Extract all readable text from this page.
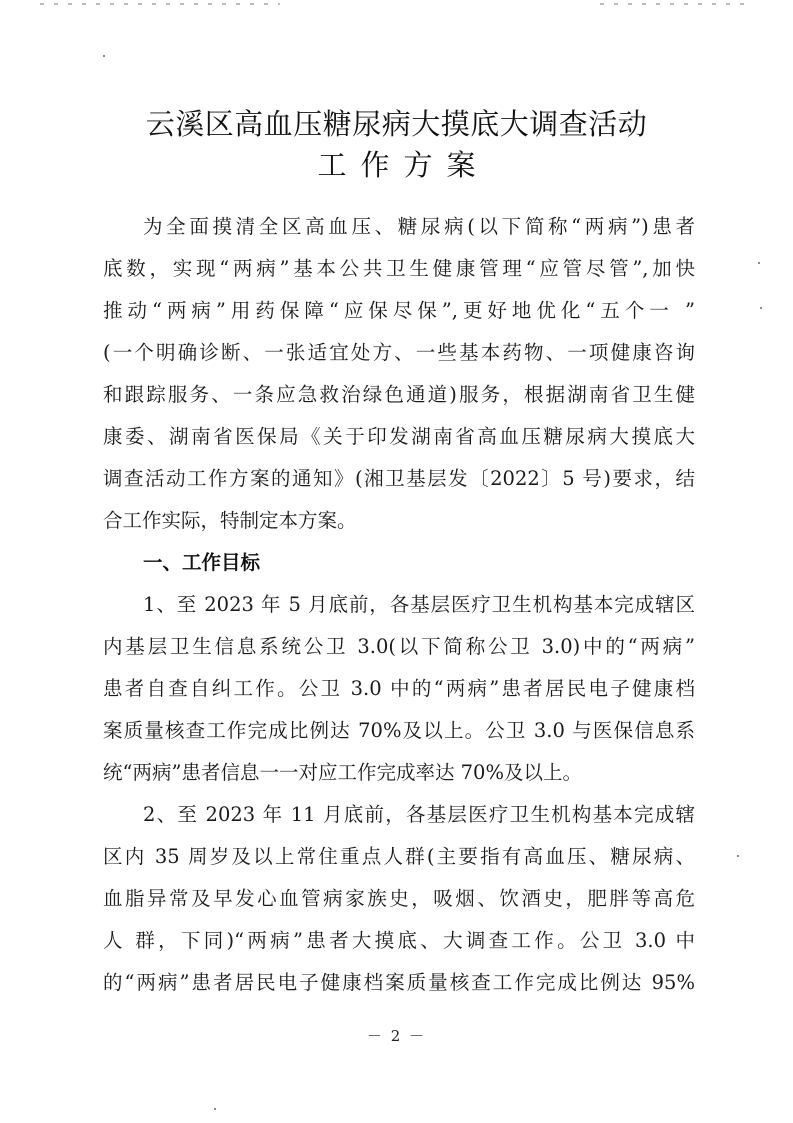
云溪区高血压糖尿病大摸底大调查活动
工作方案
为全面摸清全区高血压、糖尿病(以下简称“两病”)患者
底数，实现“两病”基本公共卫生健康管理“应管尽管”,加快
推动“两病”用药保障“应保尽保”,更好地优化“五个一 ”
(一个明确诊断、一张适宜处方、一些基本药物、一项健康咨询
和跟踪服务、一条应急救治绿色通道)服务，根据湖南省卫生健
康委、湖南省医保局《关于印发湖南省高血压糖尿病大摸底大
调查活动工作方案的通知》(湘卫基层发〔2022〕5 号)要求，结
合工作实际，特制定本方案。
一、工作目标
1、至 2023 年 5 月底前，各基层医疗卫生机构基本完成辖区
内基层卫生信息系统公卫 3.0(以下简称公卫 3.0)中的“两病”
患者自查自纠工作。公卫 3.0 中的“两病”患者居民电子健康档
案质量核查工作完成比例达 70%及以上。公卫 3.0 与医保信息系
统“两病”患者信息一一对应工作完成率达 70%及以上。
2、至 2023 年 11 月底前，各基层医疗卫生机构基本完成辖
区内 35 周岁及以上常住重点人群(主要指有高血压、糖尿病、
血脂异常及早发心血管病家族史，吸烟、饮酒史，肥胖等高危
人 群，下同)“两病”患者大摸底、大调查工作。公卫 3.0 中
的“两病”患者居民电子健康档案质量核查工作完成比例达 95%
－ 2 －
